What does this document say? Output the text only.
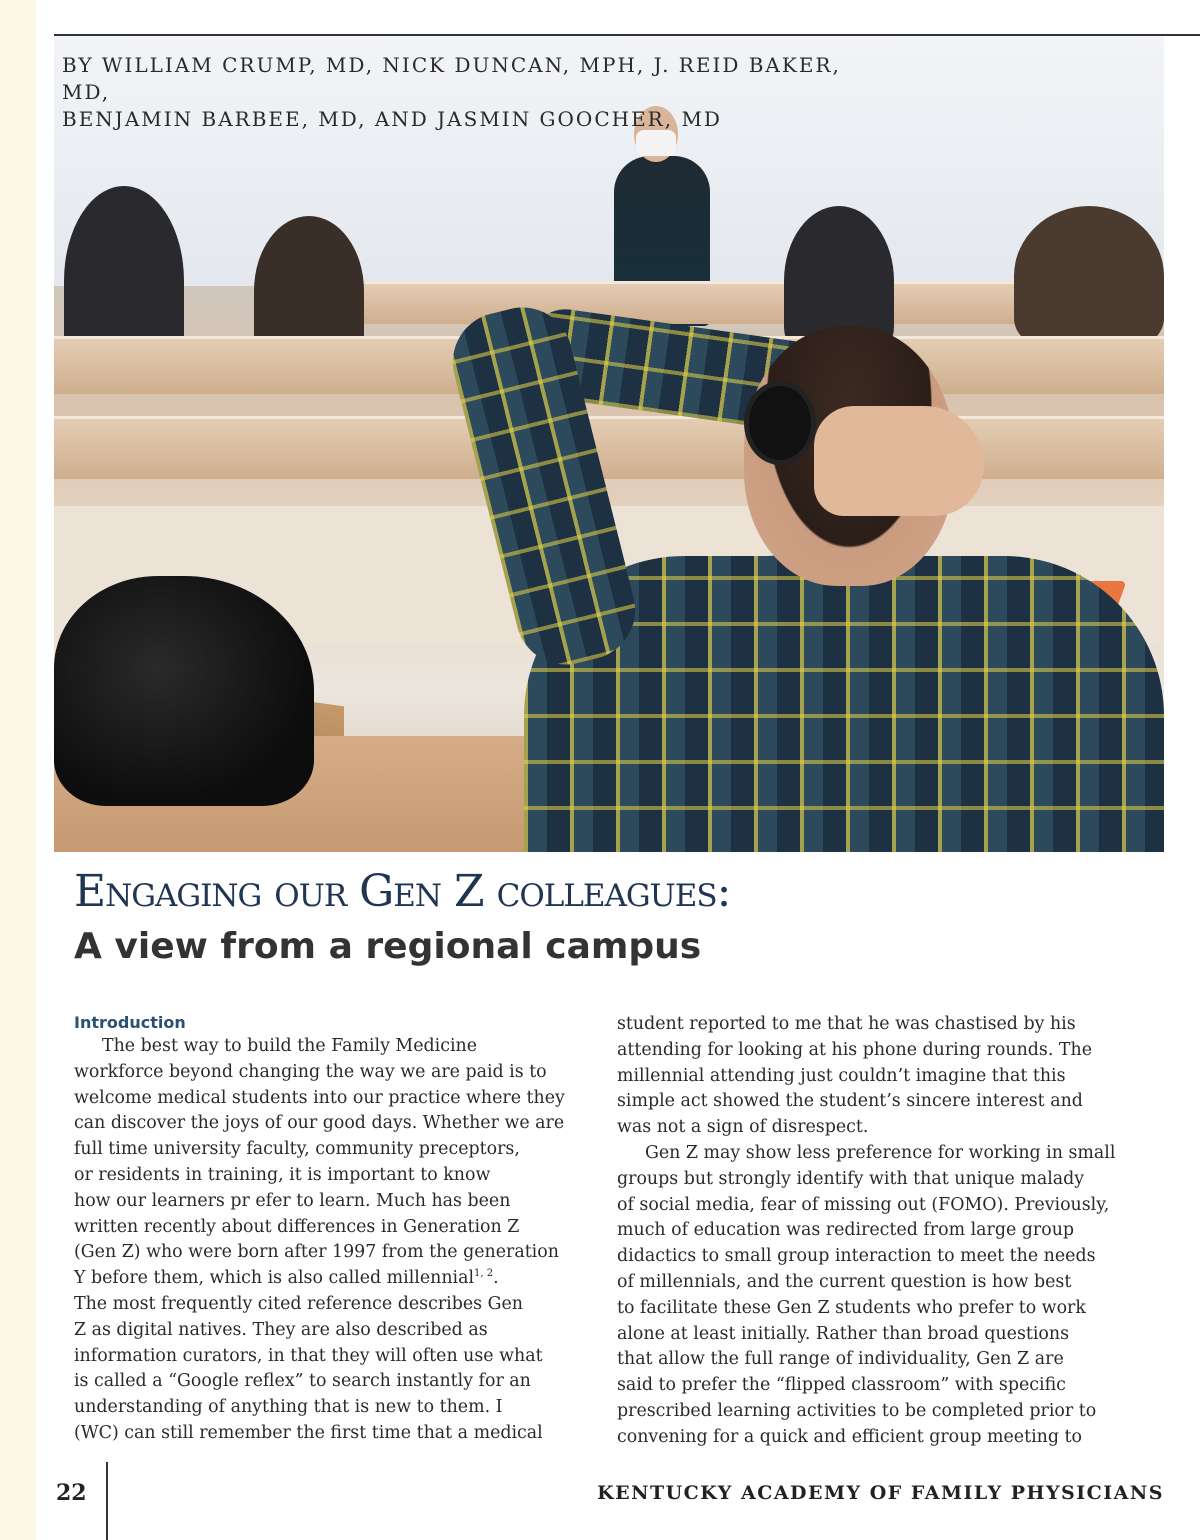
BY WILLIAM CRUMP, MD, NICK DUNCAN, MPH, J. REID BAKER, MD,
BENJAMIN BARBEE, MD, AND JASMIN GOOCHER, MD
Engaging our Gen Z colleagues:
A view from a regional campus
Introduction

The best way to build the Family Medicine
workforce beyond changing the way we are paid is to
welcome medical students into our practice where they
can discover the joys of our good days. Whether we are
full time university faculty, community preceptors,
or residents in training, it is important to know
how our learners pr efer to learn. Much has been
written recently about differences in Generation Z
(Gen Z) who were born after 1997 from the generation
Y before them, which is also called millennial$^{1, 2}$.
The most frequently cited reference describes Gen
Z as digital natives. They are also described as
information curators, in that they will often use what
is called a “Google reflex” to search instantly for an
understanding of anything that is new to them. I
(WC) can still remember the first time that a medical

student reported to me that he was chastised by his
attending for looking at his phone during rounds. The
millennial attending just couldn’t imagine that this
simple act showed the student’s sincere interest and
was not a sign of disrespect.

Gen Z may show less preference for working in small
groups but strongly identify with that unique malady
of social media, fear of missing out (FOMO). Previously,
much of education was redirected from large group
didactics to small group interaction to meet the needs
of millennials, and the current question is how best
to facilitate these Gen Z students who prefer to work
alone at least initially. Rather than broad questions
that allow the full range of individuality, Gen Z are
said to prefer the “flipped classroom” with specific
prescribed learning activities to be completed prior to
convening for a quick and efficient group meeting to

22	KENTUCKY ACADEMY OF FAMILY PHYSICIANS
